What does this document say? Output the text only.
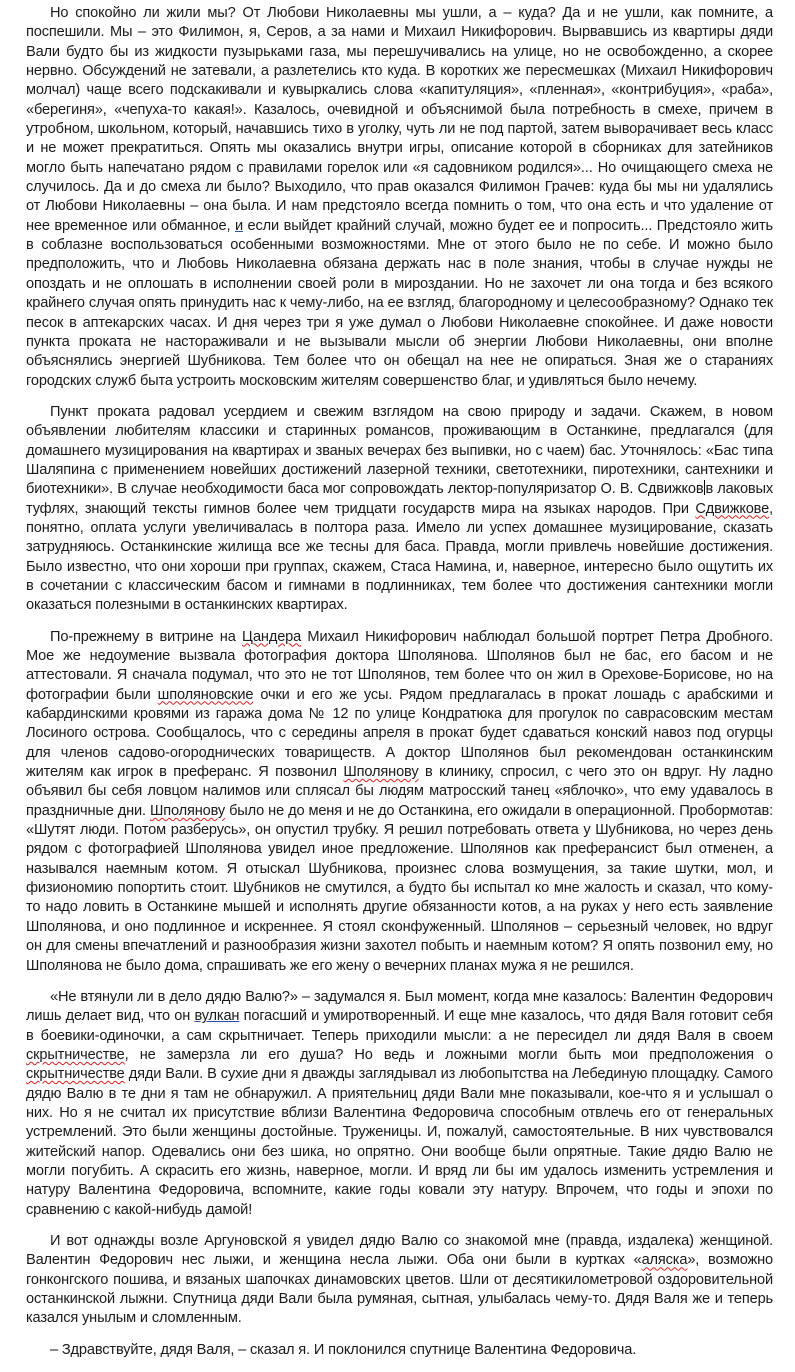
Но спокойно ли жили мы? От Любови Николаевны мы ушли, а – куда? Да и не ушли, как помните, а поспешили. Мы – это Филимон, я, Серов, а за нами и Михаил Никифорович. Вырвавшись из квартиры дяди Вали будто бы из жидкости пузырьками газа, мы перешучивались на улице, но не освобожденно, а скорее нервно. Обсуждений не затевали, а разлетелись кто куда. В коротких же пересмешках (Михаил Никифорович молчал) чаще всего подскакивали и кувыркались слова «капитуляция», «пленная», «контрибуция», «раба», «берегиня», «чепуха-то какая!». Казалось, очевидной и объяснимой была потребность в смехе, причем в утробном, школьном, который, начавшись тихо в уголку, чуть ли не под партой, затем выворачивает весь класс и не может прекратиться. Опять мы оказались внутри игры, описание которой в сборниках для затейников могло быть напечатано рядом с правилами горелок или «я садовником родился»... Но очищающего смеха не случилось. Да и до смеха ли было? Выходило, что прав оказался Филимон Грачев: куда бы мы ни удалялись от Любови Николаевны – она была. И нам предстояло всегда помнить о том, что она есть и что удаление от нее временное или обманное, и если выйдет крайний случай, можно будет ее и попросить... Предстояло жить в соблазне воспользоваться особенными возможностями. Мне от этого было не по себе. И можно было предположить, что и Любовь Николаевна обязана держать нас в поле знания, чтобы в случае нужды не опоздать и не оплошать в исполнении своей роли в мироздании. Но не захочет ли она тогда и без всякого крайнего случая опять принудить нас к чему-либо, на ее взгляд, благородному и целесообразному? Однако тек песок в аптекарских часах. И дня через три я уже думал о Любови Николаевне спокойнее. И даже новости пункта проката не настораживали и не вызывали мысли об энергии Любови Николаевны, они вполне объяснялись энергией Шубникова. Тем более что он обещал на нее не опираться. Зная же о стараниях городских служб быта устроить московским жителям совершенство благ, и удивляться было нечему.

Пункт проката радовал усердием и свежим взглядом на свою природу и задачи. Скажем, в новом объявлении любителям классики и старинных романсов, проживающим в Останкине, предлагался (для домашнего музицирования на квартирах и званых вечерах без выпивки, но с чаем) бас. Уточнялось: «Бас типа Шаляпина с применением новейших достижений лазерной техники, светотехники, пиротехники, сантехники и биотехники». В случае необходимости баса мог сопровождать лектор-популяризатор О. В. Сдвижков в лаковых туфлях, знающий тексты гимнов более чем тридцати государств мира на языках народов. При Сдвижкове, понятно, оплата услуги увеличивалась в полтора раза. Имело ли успех домашнее музицирование, сказать затрудняюсь. Останкинские жилища все же тесны для баса. Правда, могли привлечь новейшие достижения. Было известно, что они хороши при группах, скажем, Стаса Намина, и, наверное, интересно было ощутить их в сочетании с классическим басом и гимнами в подлинниках, тем более что достижения сантехники могли оказаться полезными в останкинских квартирах.

По-прежнему в витрине на Цандера Михаил Никифорович наблюдал большой портрет Петра Дробного. Мое же недоумение вызвала фотография доктора Шполянова. Шполянов был не бас, его басом и не аттестовали. Я сначала подумал, что это не тот Шполянов, тем более что он жил в Орехове-Борисове, но на фотографии были шполяновские очки и его же усы. Рядом предлагалась в прокат лошадь с арабскими и кабардинскими кровями из гаража дома № 12 по улице Кондратюка для прогулок по саврасовским местам Лосиного острова. Сообщалось, что с середины апреля в прокат будет сдаваться конский навоз под огурцы для членов садово-огороднических товариществ. А доктор Шполянов был рекомендован останкинским жителям как игрок в преферанс. Я позвонил Шполянову в клинику, спросил, с чего это он вдруг. Ну ладно объявил бы себя ловцом налимов или сплясал бы людям матросский танец «яблочко», что ему удавалось в праздничные дни. Шполянову было не до меня и не до Останкина, его ожидали в операционной. Пробормотав: «Шутят люди. Потом разберусь», он опустил трубку. Я решил потребовать ответа у Шубникова, но через день рядом с фотографией Шполянова увидел иное предложение. Шполянов как преферансист был отменен, а назывался наемным котом. Я отыскал Шубникова, произнес слова возмущения, за такие шутки, мол, и физиономию попортить стоит. Шубников не смутился, а будто бы испытал ко мне жалость и сказал, что кому-то надо ловить в Останкине мышей и исполнять другие обязанности котов, а на руках у него есть заявление Шполянова, и оно подлинное и искреннее. Я стоял сконфуженный. Шполянов – серьезный человек, но вдруг он для смены впечатлений и разнообразия жизни захотел побыть и наемным котом? Я опять позвонил ему, но Шполянова не было дома, спрашивать же его жену о вечерних планах мужа я не решился.

«Не втянули ли в дело дядю Валю?» – задумался я. Был момент, когда мне казалось: Валентин Федорович лишь делает вид, что он вулкан погасший и умиротворенный. И еще мне казалось, что дядя Валя готовит себя в боевики-одиночки, а сам скрытничает. Теперь приходили мысли: а не пересидел ли дядя Валя в своем скрытничестве, не замерзла ли его душа? Но ведь и ложными могли быть мои предположения о скрытничестве дяди Вали. В сухие дни я дважды заглядывал из любопытства на Лебединую площадку. Самого дядю Валю в те дни я там не обнаружил. А приятельниц дяди Вали мне показывали, кое-что я и услышал о них. Но я не считал их присутствие вблизи Валентина Федоровича способным отвлечь его от генеральных устремлений. Это были женщины достойные. Труженицы. И, пожалуй, самостоятельные. В них чувствовался житейский напор. Одевались они без шика, но опрятно. Они вообще были опрятные. Такие дядю Валю не могли погубить. А скрасить его жизнь, наверное, могли. И вряд ли бы им удалось изменить устремления и натуру Валентина Федоровича, вспомните, какие годы ковали эту натуру. Впрочем, что годы и эпохи по сравнению с какой-нибудь дамой!

И вот однажды возле Аргуновской я увидел дядю Валю со знакомой мне (правда, издалека) женщиной. Валентин Федорович нес лыжи, и женщина несла лыжи. Оба они были в куртках «аляска», возможно гонконгского пошива, и вязаных шапочках динамовских цветов. Шли от десятикилометровой оздоровительной останкинской лыжни. Спутница дяди Вали была румяная, сытная, улыбалась чему-то. Дядя Валя же и теперь казался унылым и сломленным.

– Здравствуйте, дядя Валя, – сказал я. И поклонился спутнице Валентина Федоровича.
